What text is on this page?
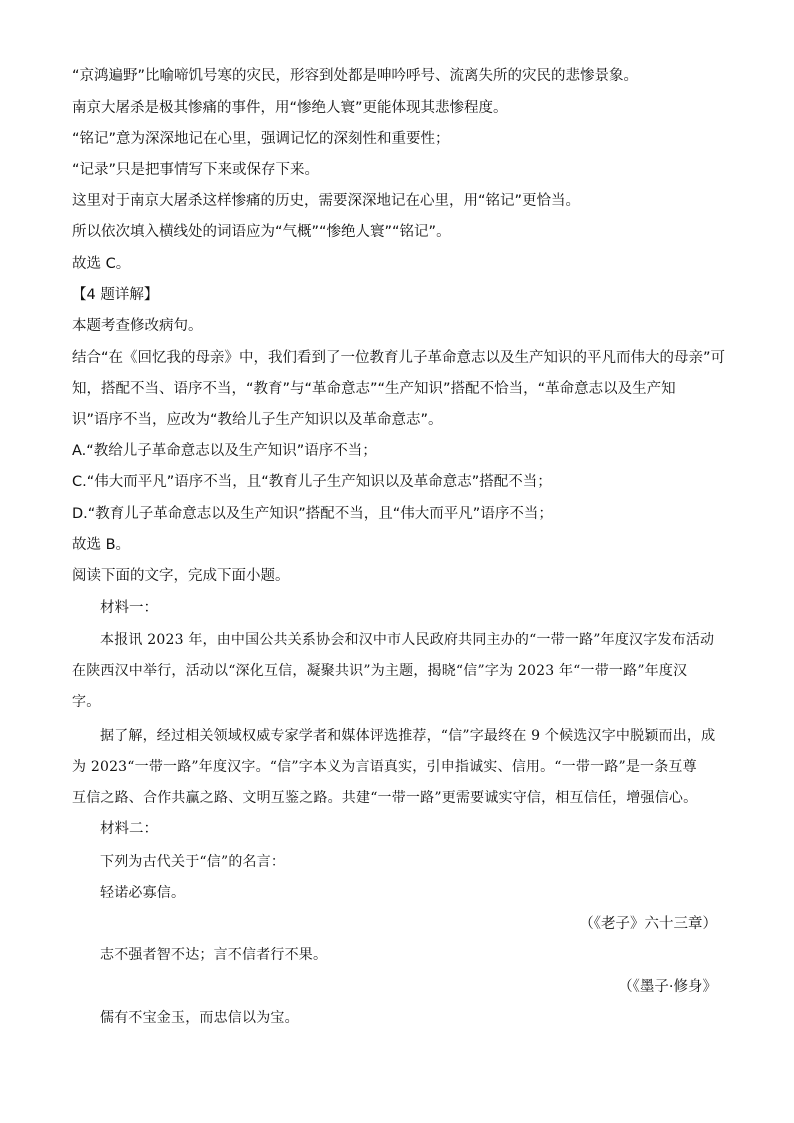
“京鸿遍野”比喻啼饥号寒的灾民，形容到处都是呻吟呼号、流离失所的灾民的悲惨景象。
南京大屠杀是极其惨痛的事件，用“惨绝人寰”更能体现其悲惨程度。
“铭记”意为深深地记在心里，强调记忆的深刻性和重要性；
“记录”只是把事情写下来或保存下来。
这里对于南京大屠杀这样惨痛的历史，需要深深地记在心里，用“铭记”更恰当。
所以依次填入横线处的词语应为“气概”“惨绝人寰”“铭记”。
故选 C。
【4 题详解】
本题考查修改病句。
结合“在《回忆我的母亲》中，我们看到了一位教育儿子革命意志以及生产知识的平凡而伟大的母亲”可
知，搭配不当、语序不当，“教育”与“革命意志”“生产知识”搭配不恰当，“革命意志以及生产知
识”语序不当，应改为“教给儿子生产知识以及革命意志”。
A.“教给儿子革命意志以及生产知识”语序不当；
C.“伟大而平凡”语序不当，且“教育儿子生产知识以及革命意志”搭配不当；
D.“教育儿子革命意志以及生产知识”搭配不当，且“伟大而平凡”语序不当；
故选 B。
阅读下面的文字，完成下面小题。
材料一：
本报讯 2023 年，由中国公共关系协会和汉中市人民政府共同主办的“一带一路”年度汉字发布活动
在陕西汉中举行，活动以“深化互信，凝聚共识”为主题，揭晓“信”字为 2023 年“一带一路”年度汉
字。
据了解，经过相关领域权威专家学者和媒体评选推荐，“信”字最终在 9 个候选汉字中脱颖而出，成
为 2023“一带一路”年度汉字。“信”字本义为言语真实，引申指诚实、信用。“一带一路”是一条互尊
互信之路、合作共赢之路、文明互鉴之路。共建“一带一路”更需要诚实守信，相互信任，增强信心。
材料二：
下列为古代关于“信”的名言：
轻诺必寡信。
（《老子》六十三章）
志不强者智不达；言不信者行不果。
（《墨子·修身》
儒有不宝金玉，而忠信以为宝。
